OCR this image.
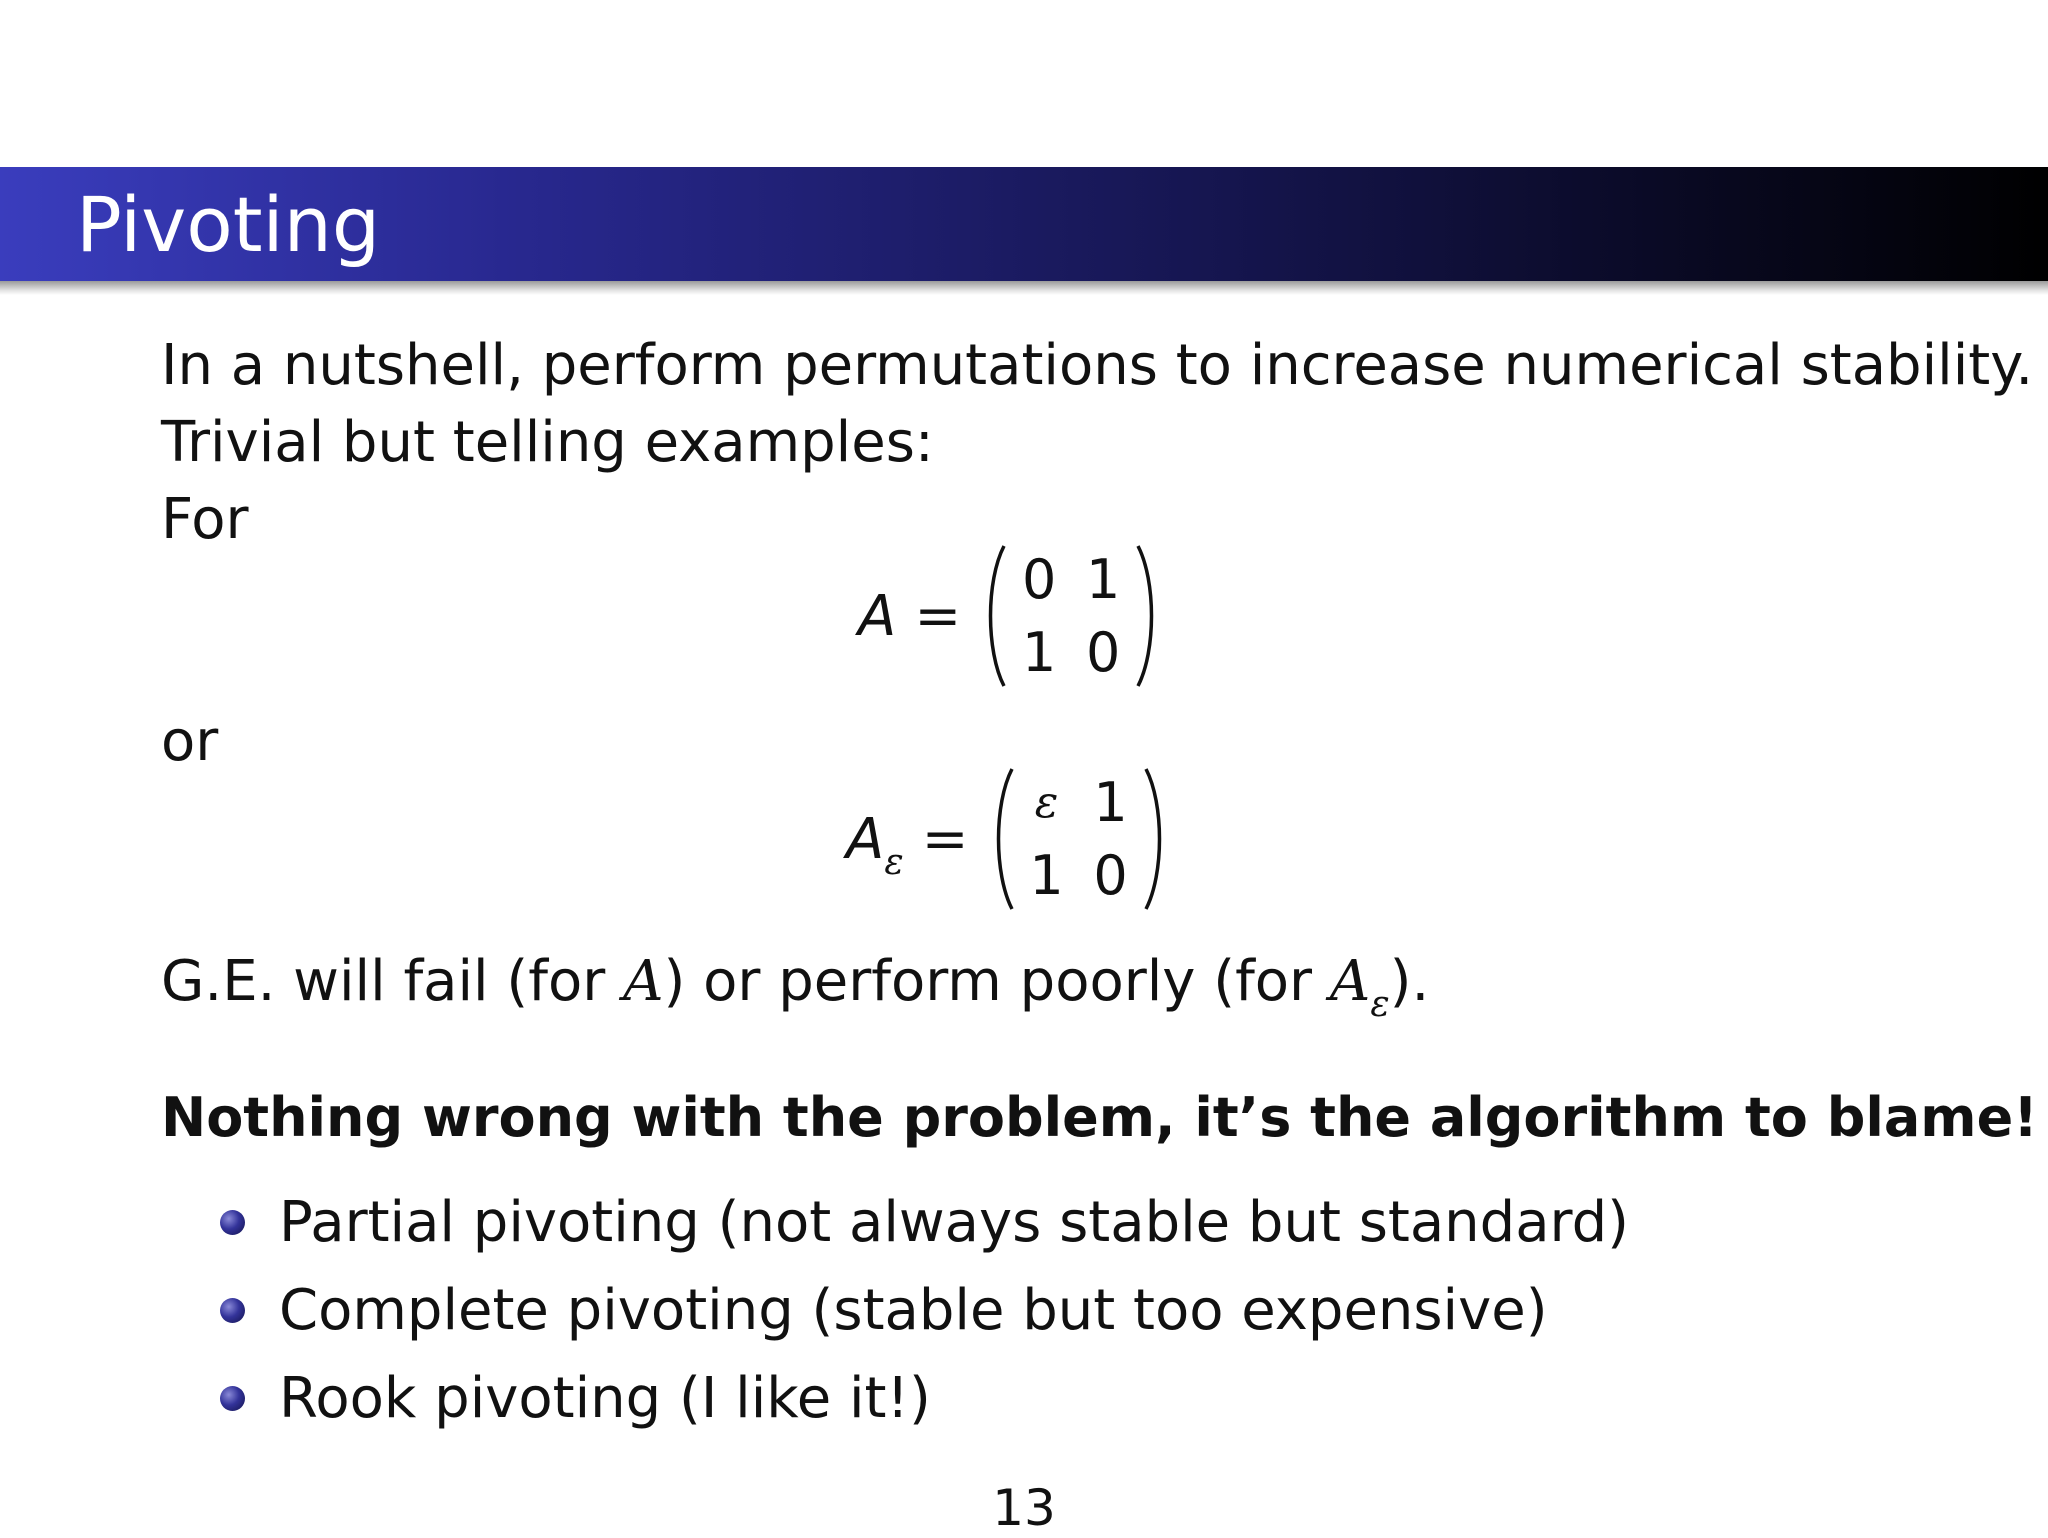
Pivoting
In a nutshell, perform permutations to increase numerical stability.
Trivial but telling examples:
For
A =
0 1
1 0
or
$A_\varepsilon$ =
ε 1
1 0
G.E. will fail (for A) or perform poorly (for $A_\varepsilon$).
Nothing wrong with the problem, it’s the algorithm to blame!
Partial pivoting (not always stable but standard)
Complete pivoting (stable but too expensive)
Rook pivoting (I like it!)
13
